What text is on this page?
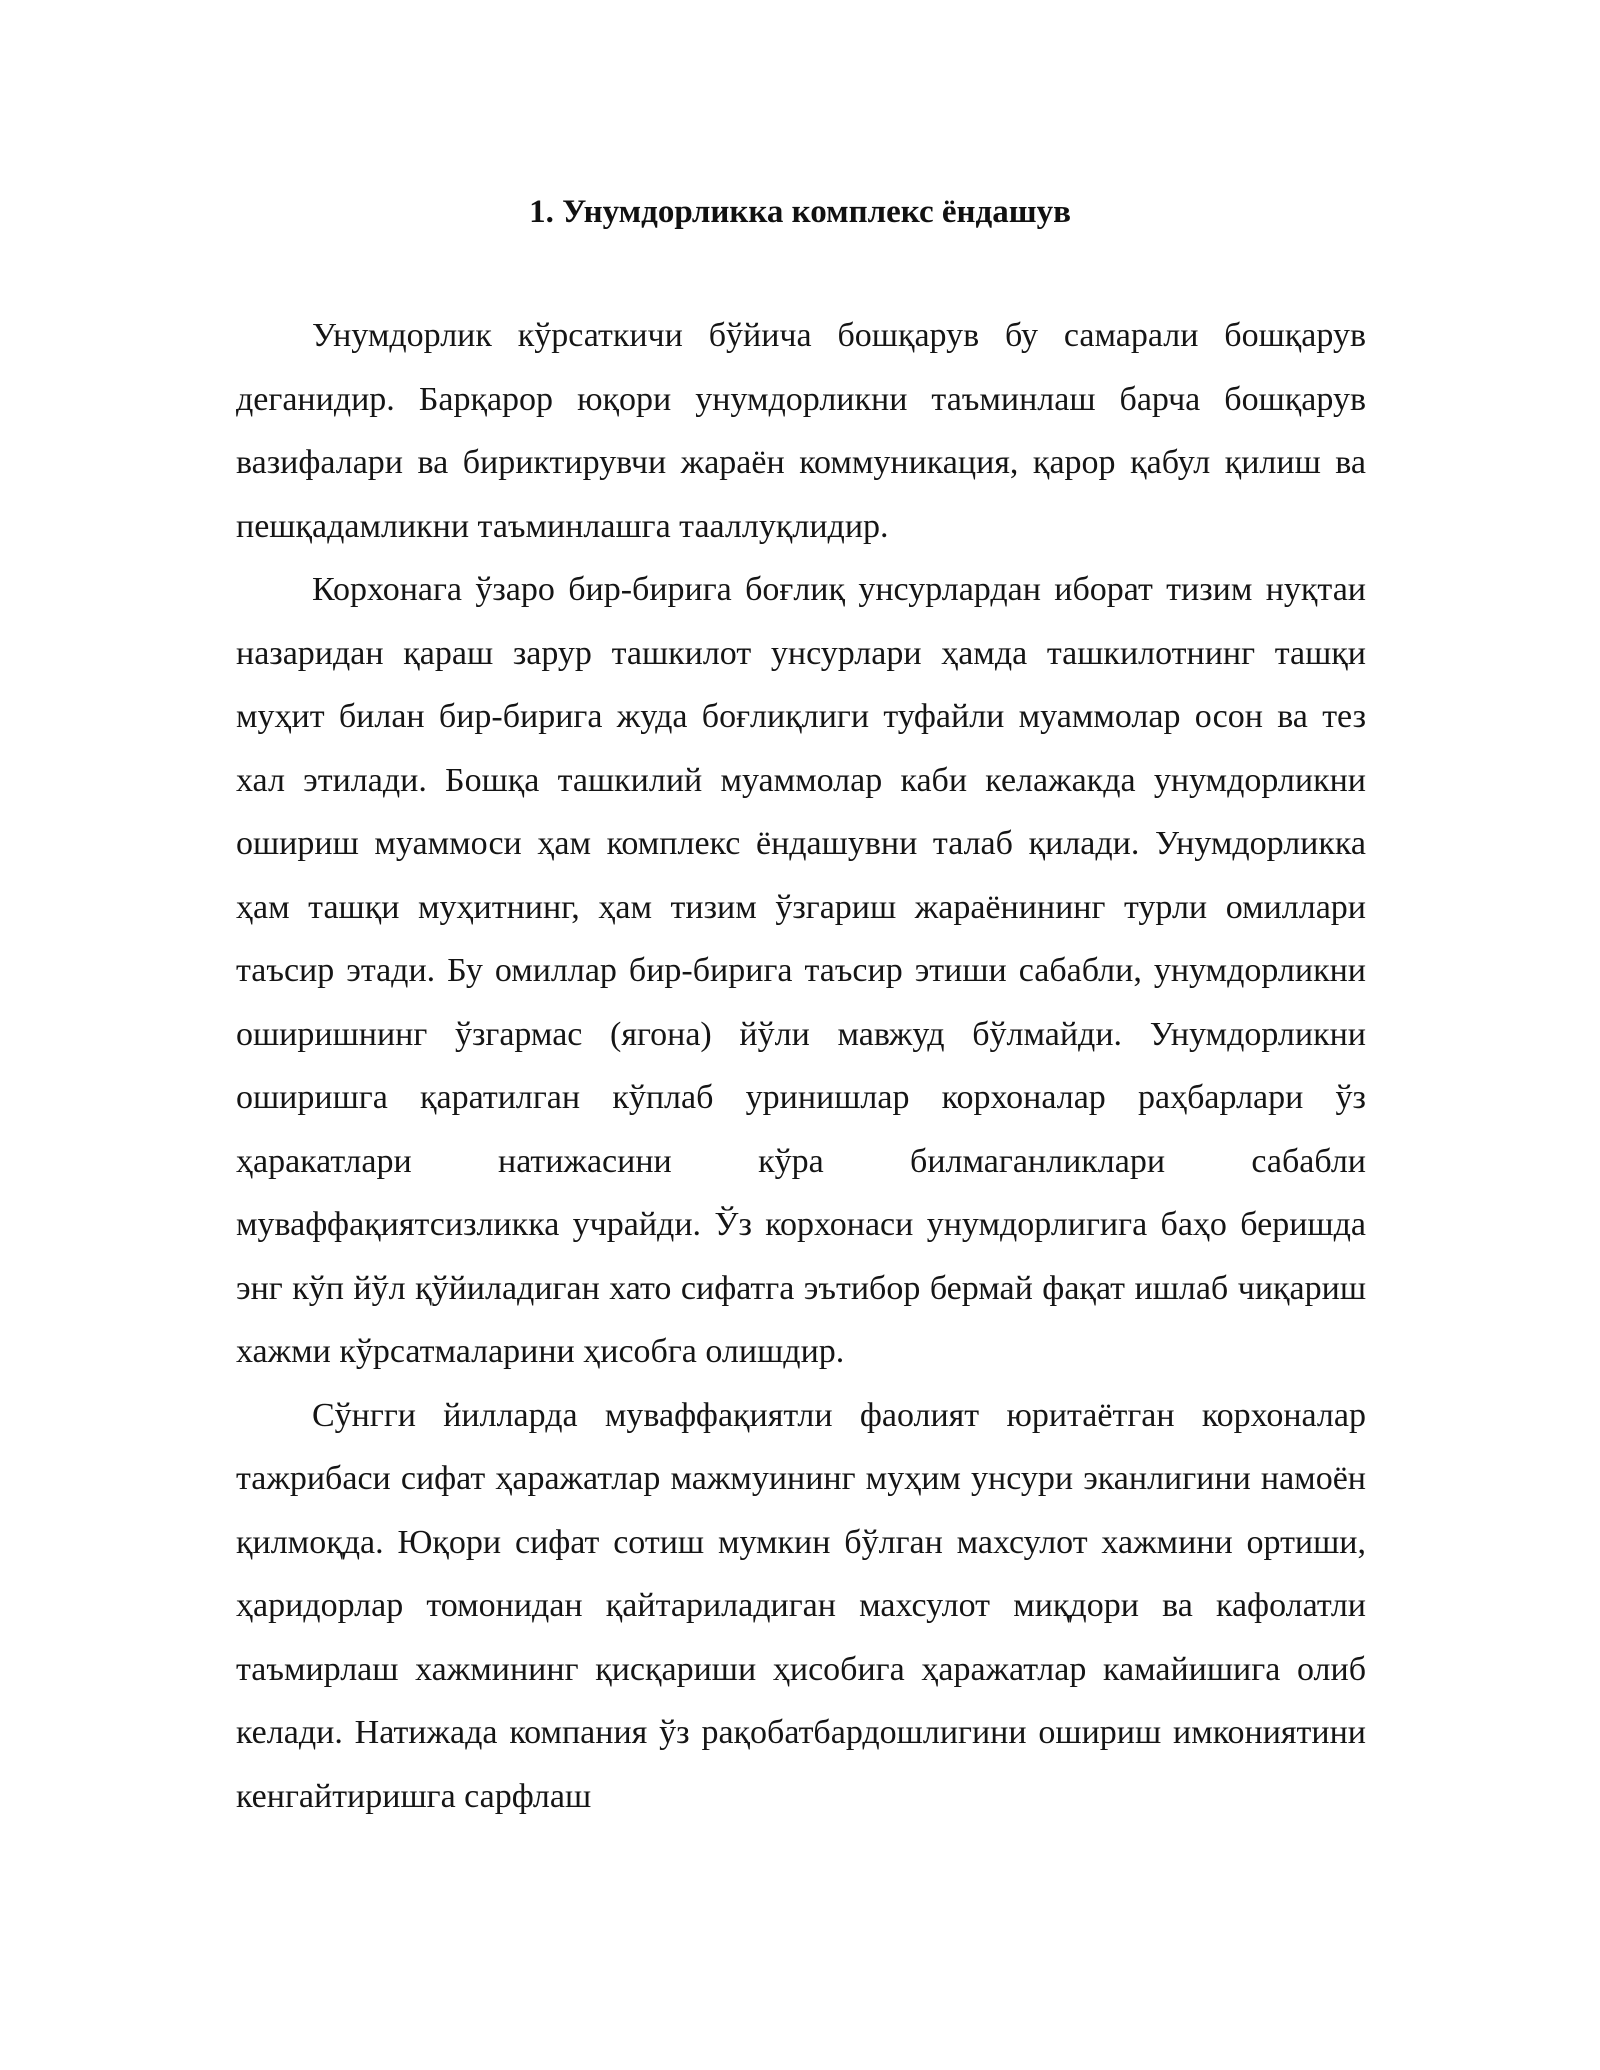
1. Унумдорликка комплекс ёндашув

Унумдорлик кўрсаткичи бўйича бошқарув бу самарали бошқарув деганидир. Барқарор юқори унумдорликни таъминлаш барча бошқарув вазифалари ва бириктирувчи жараён коммуникация, қарор қабул қилиш ва пешқадамликни таъминлашга тааллуқлидир.

Корхонага ўзаро бир-бирига боғлиқ унсурлардан иборат тизим нуқтаи назаридан қараш зарур ташкилот унсурлари ҳамда ташкилотнинг ташқи муҳит билан бир-бирига жуда боғлиқлиги туфайли муаммолар осон ва тез хал этилади. Бошқа ташкилий муаммолар каби келажакда унумдорликни ошириш муаммоси ҳам комплекс ёндашувни талаб қилади. Унумдорликка ҳам ташқи муҳитнинг, ҳам тизим ўзгариш жараёнининг турли омиллари таъсир этади. Бу омиллар бир-бирига таъсир этиши сабабли, унумдорликни оширишнинг ўзгармас (ягона) йўли мавжуд бўлмайди. Унумдорликни оширишга қаратилган кўплаб уринишлар корхоналар раҳбарлари ўз ҳаракатлари натижасини кўра билмаганликлари сабабли муваффақиятсизликка учрайди. Ўз корхонаси унумдорлигига баҳо беришда энг кўп йўл қўйиладиган хато сифатга эътибор бермай фақат ишлаб чиқариш хажми кўрсатмаларини ҳисобга олишдир.

Сўнгги йилларда муваффақиятли фаолият юритаётган корхоналар тажрибаси сифат ҳаражатлар мажмуининг муҳим унсури эканлигини намоён қилмоқда. Юқори сифат сотиш мумкин бўлган махсулот хажмини ортиши, ҳаридорлар томонидан қайтариладиган махсулот миқдори ва кафолатли таъмирлаш хажмининг қисқариши ҳисобига ҳаражатлар камайишига олиб келади. Натижада компания ўз рақобатбардошлигини ошириш имкониятини кенгайтиришга сарфлаш
